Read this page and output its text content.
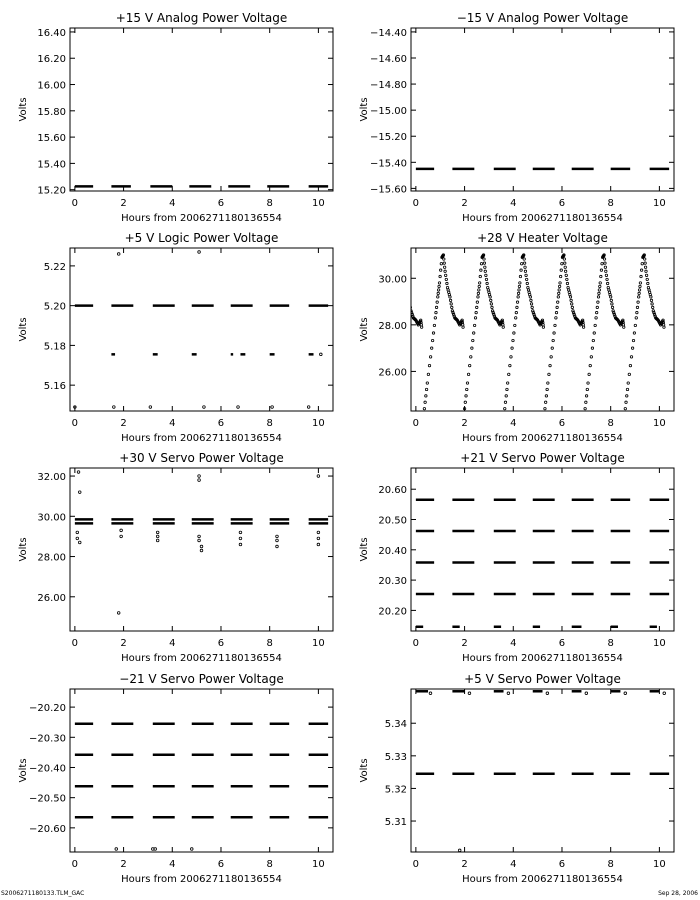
+15 V Analog Power Voltage
Hours from 2006271180136554
Volts
0	2	4	6	8	10
15.20
15.40
15.60
15.80
16.00
16.20
16.40
−15 V Analog Power Voltage
Hours from 2006271180136554
Volts
0	2	4	6	8	10
−15.60
−15.40
−15.20
−15.00
−14.80
−14.60
−14.40
+5 V Logic Power Voltage
Hours from 2006271180136554
Volts
0	2	4	6	8	10
5.16
5.18
5.20
5.22
+28 V Heater Voltage
Hours from 2006271180136554
Volts
0	2	4	6	8	10
26.00
28.00
30.00
+30 V Servo Power Voltage
Hours from 2006271180136554
Volts
0	2	4	6	8	10
26.00
28.00
30.00
32.00
+21 V Servo Power Voltage
Hours from 2006271180136554
Volts
0	2	4	6	8	10
20.20
20.30
20.40
20.50
20.60
−21 V Servo Power Voltage
Hours from 2006271180136554
Volts
0	2	4	6	8	10
−20.60
−20.50
−20.40
−20.30
−20.20
+5 V Servo Power Voltage
Hours from 2006271180136554
Volts
0	2	4	6	8	10
5.31
5.32
5.33
5.34
S2006271180133.TLM_GAC	Sep 28, 2006
